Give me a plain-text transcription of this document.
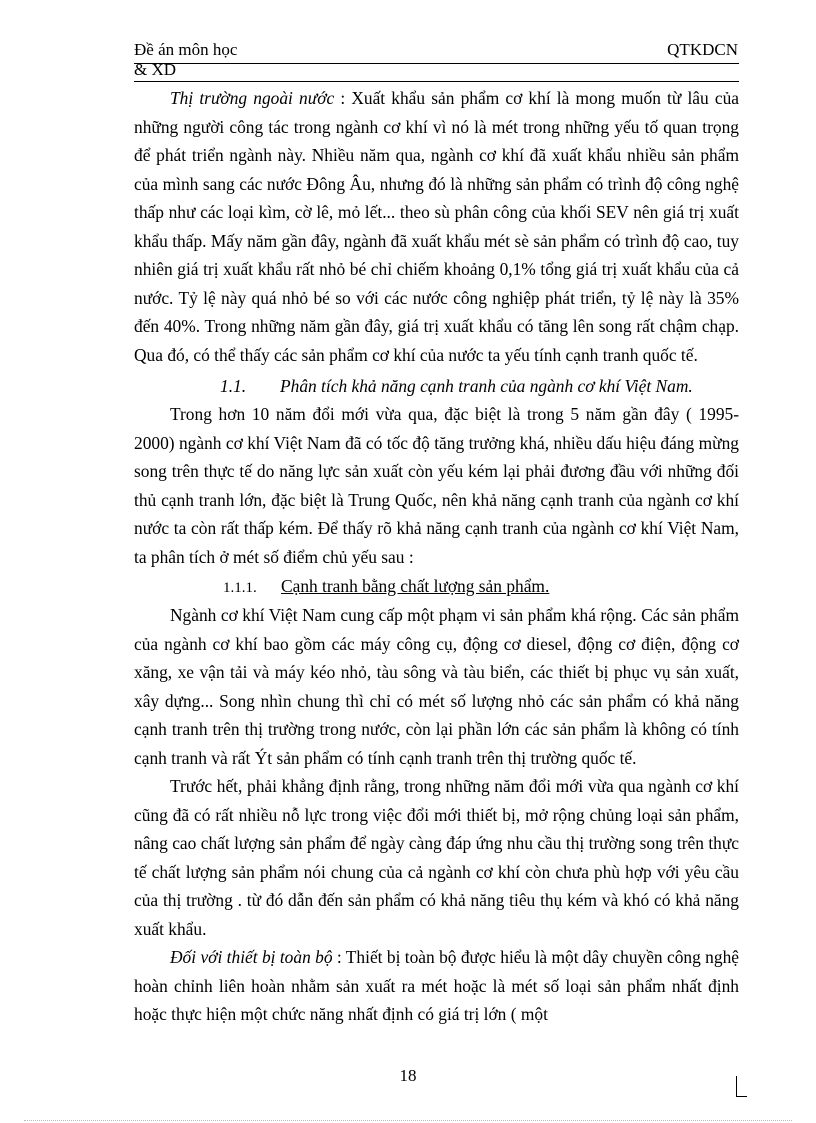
Đề án môn học
& XD
QTKDCN

Thị trường ngoài nước : Xuất khẩu sản phẩm cơ khí là mong muốn từ lâu của những người công tác trong ngành cơ khí vì nó là mét trong những yếu tố quan trọng để phát triển ngành này. Nhiều năm qua, ngành cơ khí đã xuất khẩu nhiều sản phẩm của mình sang các nước Đông Âu, nhưng đó là những sản phẩm có trình độ công nghệ thấp như các loại kìm, cờ lê, mỏ lết... theo sù phân công của khối SEV nên giá trị xuất khẩu thấp. Mấy năm gần đây, ngành đã xuất khẩu mét sè sản phẩm có trình độ cao, tuy nhiên giá trị xuất khẩu rất nhỏ bé chỉ chiếm khoảng 0,1% tổng giá trị xuất khẩu của cả nước. Tỷ lệ này quá nhỏ bé so với các nước công nghiệp phát triển, tỷ lệ này là 35% đến 40%. Trong những năm gần đây, giá trị xuất khẩu có tăng lên song rất chậm chạp. Qua đó, có thể thấy các sản phẩm cơ khí của nước ta yếu tính cạnh tranh quốc tế.

1.1. Phân tích khả năng cạnh tranh của ngành cơ khí Việt Nam.

Trong hơn 10 năm đổi mới vừa qua, đặc biệt là trong 5 năm gần đây ( 1995-2000) ngành cơ khí Việt Nam đã có tốc độ tăng trưởng khá, nhiều dấu hiệu đáng mừng song trên thực tế do năng lực sản xuất còn yếu kém lại phải đương đầu với những đối thủ cạnh tranh lớn, đặc biệt là Trung Quốc, nên khả năng cạnh tranh của ngành cơ khí nước ta còn rất thấp kém. Để thấy rõ khả năng cạnh tranh của ngành cơ khí Việt Nam, ta phân tích ở mét số điểm chủ yếu sau :

1.1.1. Cạnh tranh bằng chất lượng sản phẩm.

Ngành cơ khí Việt Nam cung cấp một phạm vi sản phẩm khá rộng. Các sản phẩm của ngành cơ khí bao gồm các máy công cụ, động cơ diesel, động cơ điện, động cơ xăng, xe vận tải và máy kéo nhỏ, tàu sông và tàu biển, các thiết bị phục vụ sản xuất, xây dựng... Song nhìn chung thì chỉ có mét số lượng nhỏ các sản phẩm có khả năng cạnh tranh trên thị trường trong nước, còn lại phần lớn các sản phẩm là không có tính cạnh tranh và rất Ýt sản phẩm có tính cạnh tranh trên thị trường quốc tế.

Trước hết, phải khẳng định rằng, trong những năm đổi mới vừa qua ngành cơ khí cũng đã có rất nhiều nỗ lực trong việc đổi mới thiết bị, mở rộng chủng loại sản phẩm, nâng cao chất lượng sản phẩm để ngày càng đáp ứng nhu cầu thị trường song trên thực tế chất lượng sản phẩm nói chung của cả ngành cơ khí còn chưa phù hợp với yêu cầu của thị trường . từ đó dẫn đến sản phẩm có khả năng tiêu thụ kém và khó có khả năng xuất khẩu.

Đối với thiết bị toàn bộ : Thiết bị toàn bộ được hiểu là một dây chuyền công nghệ hoàn chỉnh liên hoàn nhằm sản xuất ra mét hoặc là mét số loại sản phẩm nhất định hoặc thực hiện một chức năng nhất định có giá trị lớn ( một

18
